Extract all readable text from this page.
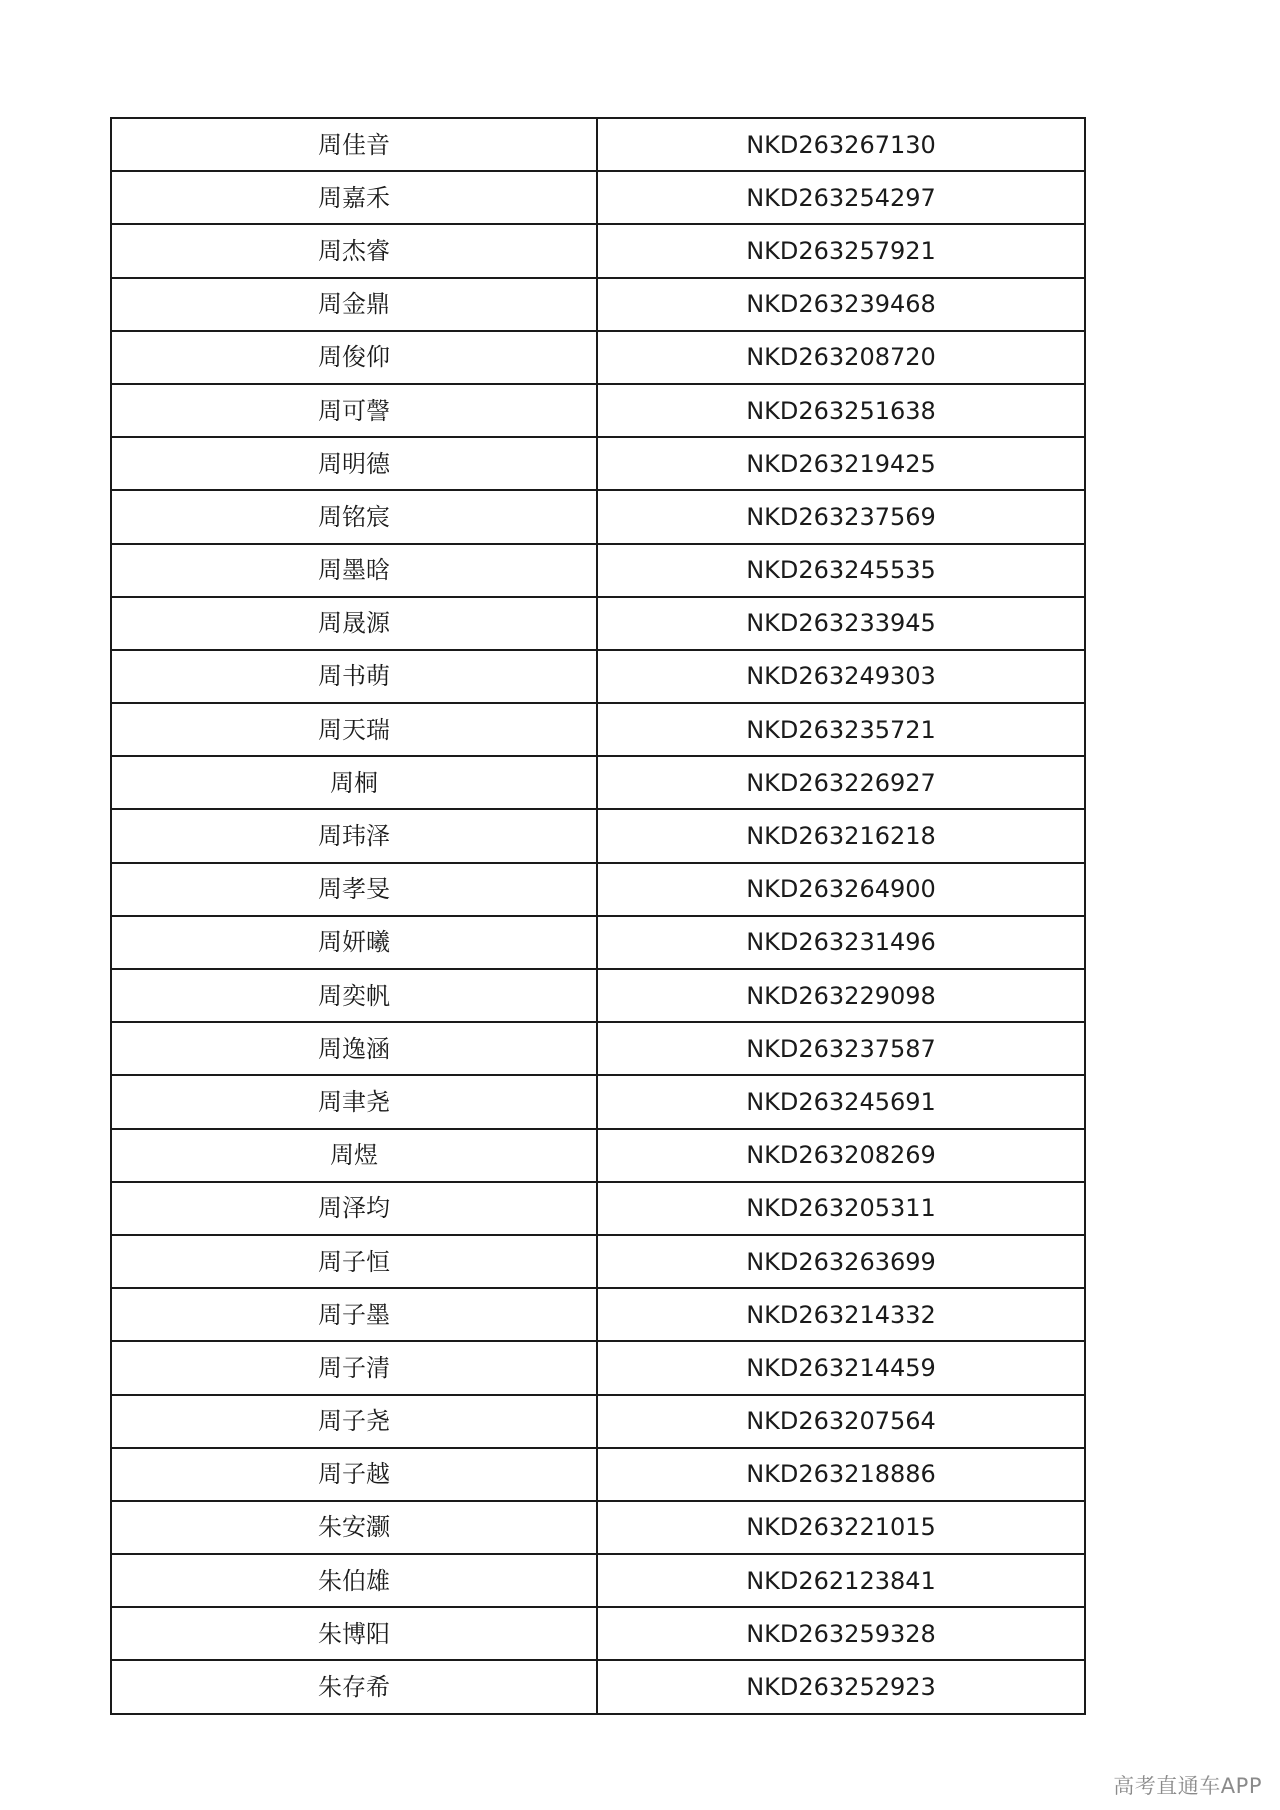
周佳音	NKD263267130
周嘉禾	NKD263254297
周杰睿	NKD263257921
周金鼎	NKD263239468
周俊仰	NKD263208720
周可謦	NKD263251638
周明德	NKD263219425
周铭宸	NKD263237569
周墨晗	NKD263245535
周晟源	NKD263233945
周书萌	NKD263249303
周天瑞	NKD263235721
周桐	NKD263226927
周玮泽	NKD263216218
周孝旻	NKD263264900
周妍曦	NKD263231496
周奕帆	NKD263229098
周逸涵	NKD263237587
周聿尧	NKD263245691
周煜	NKD263208269
周泽均	NKD263205311
周子恒	NKD263263699
周子墨	NKD263214332
周子清	NKD263214459
周子尧	NKD263207564
周子越	NKD263218886
朱安灏	NKD263221015
朱伯雄	NKD262123841
朱博阳	NKD263259328
朱存希	NKD263252923
高考直通车APP
